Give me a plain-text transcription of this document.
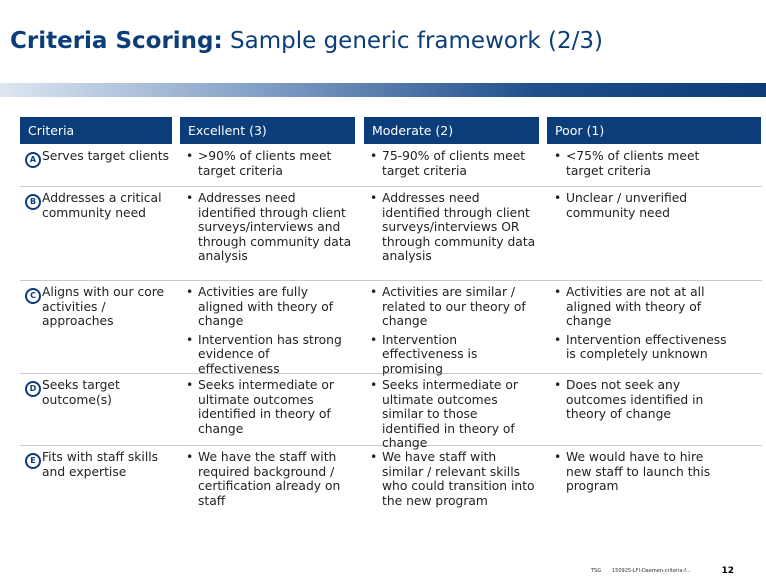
Criteria Scoring: Sample generic framework (2/3)
Criteria	Excellent (3)	Moderate (2)	Poor (1)
A Serves target clients
•	>90% of clients meet target criteria
• 75-90% of clients meet target criteria
• <75% of clients meet target criteria
B Addresses a critical community need
• Addresses need identified through client surveys/interviews and through community data analysis
• Addresses need identified through client surveys/interviews OR through community data analysis
• Unclear / unverified community need
C Aligns with our core activities / approaches
• Activities are fully aligned with theory of change
• Intervention has strong evidence of effectiveness
• Activities are similar / related to our theory of change
• Intervention effectiveness is promising
• Activities are not at all aligned with theory of change
• Intervention effectiveness is completely unknown
D Seeks target outcome(s)
• Seeks intermediate or ultimate outcomes identified in theory of change
• Seeks intermediate or ultimate outcomes similar to those identified in theory of change
• Does not seek any outcomes identified in theory of change
E Fits with staff skills and expertise
• We have the staff with required background / certification already on staff
• We have staff with similar / relevant skills who could transition into the new program
• We would have to hire new staff to launch this program
TSG 150925-LFI-Daemen-criteria-f...	12
